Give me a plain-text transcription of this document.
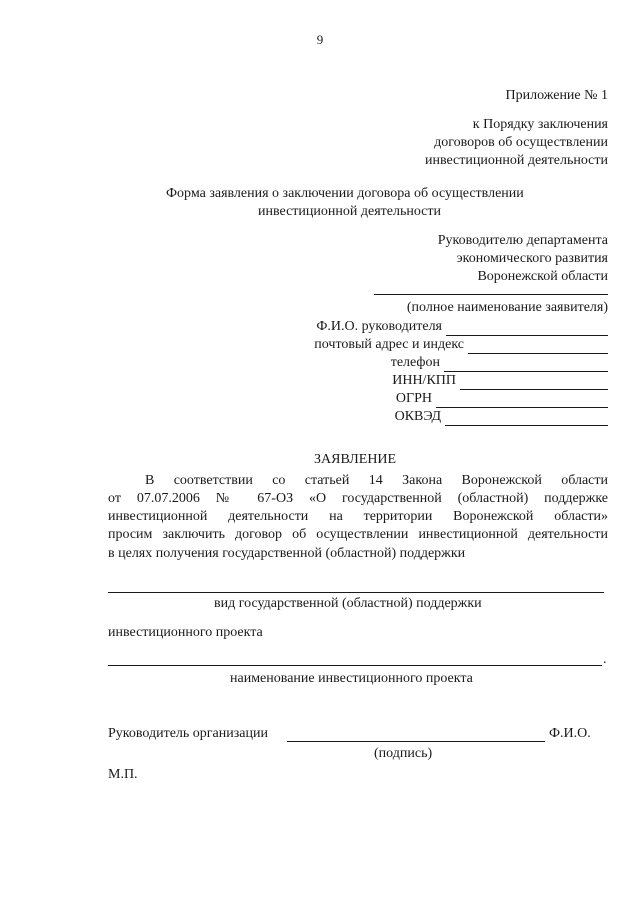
9
Приложение № 1
к Порядку заключения
договоров об осуществлении
инвестиционной деятельности
Форма заявления о заключении договора об осуществлении
инвестиционной деятельности
Руководителю департамента
экономического развития
Воронежской области
(полное наименование заявителя)
Ф.И.О. руководителя
почтовый адрес и индекс
телефон
ИНН/КПП
ОГРН
ОКВЭД
ЗАЯВЛЕНИЕ
В соответствии со статьей 14 Закона Воронежской области
от 07.07.2006 № 67-ОЗ «О государственной (областной) поддержке
инвестиционной деятельности на территории Воронежской области»
просим заключить договор об осуществлении инвестиционной деятельности
в целях получения государственной (областной) поддержки
вид государственной (областной) поддержки
инвестиционного проекта
.
наименование инвестиционного проекта
Руководитель организации	Ф.И.О.
(подпись)
М.П.
